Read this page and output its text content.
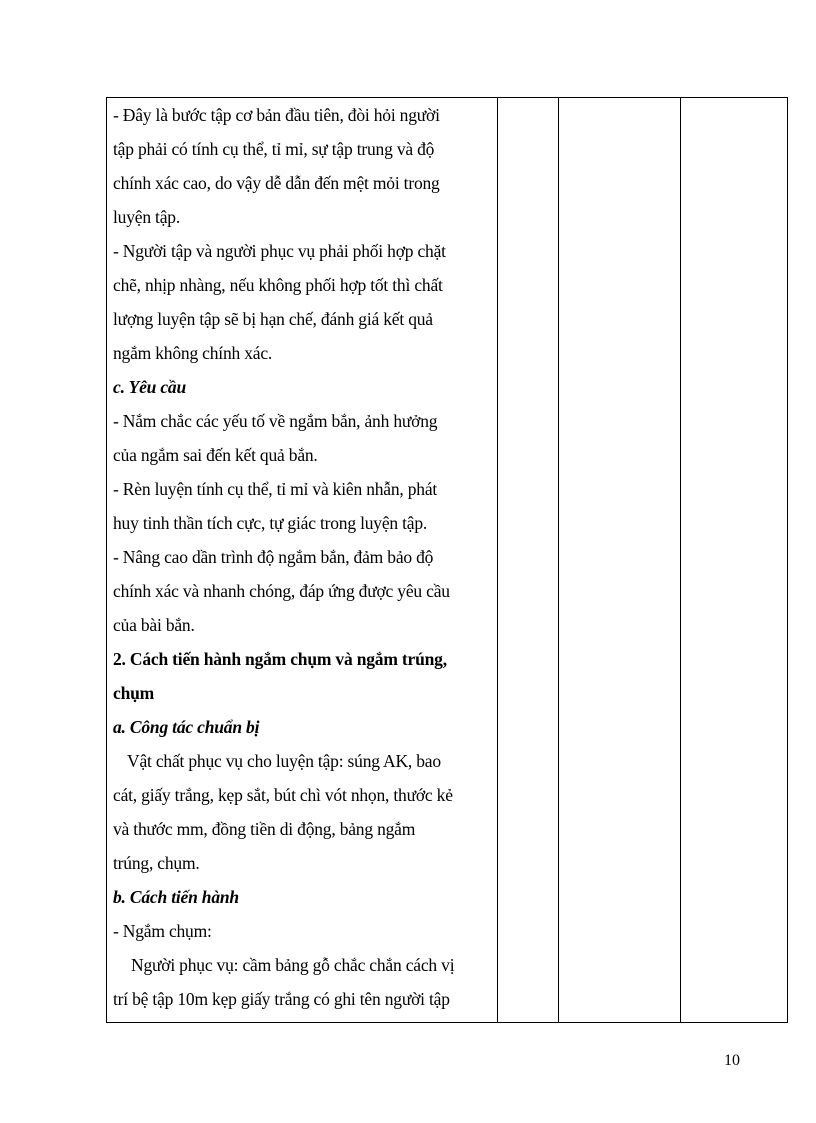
- Đây là bước tập cơ bản đầu tiên, đòi hỏi người
tập phải có tính cụ thể, tỉ mỉ, sự tập trung và độ
chính xác cao, do vậy dễ dẫn đến mệt mỏi trong
luyện tập.
- Người tập và người phục vụ phải phối hợp chặt
chẽ, nhịp nhàng, nếu không phối hợp tốt thì chất
lượng luyện tập sẽ bị hạn chế, đánh giá kết quả
ngắm không chính xác.
c. Yêu cầu
- Nắm chắc các yếu tố về ngắm bắn, ảnh hưởng
của ngắm sai đến kết quả bắn.
- Rèn luyện tính cụ thể, tỉ mỉ và kiên nhẫn, phát
huy tinh thần tích cực, tự giác trong luyện tập.
- Nâng cao dần trình độ ngắm bắn, đảm bảo độ
chính xác và nhanh chóng, đáp ứng được yêu cầu
của bài bắn.
2. Cách tiến hành ngắm chụm và ngắm trúng,
chụm
a. Công tác chuẩn bị
Vật chất phục vụ cho luyện tập: súng AK, bao
cát, giấy trắng, kẹp sắt, bút chì vót nhọn, thước kẻ
và thước mm, đồng tiền di động, bảng ngắm
trúng, chụm.
b. Cách tiến hành
- Ngắm chụm:
Người phục vụ: cầm bảng gỗ chắc chắn cách vị
trí bệ tập 10m kẹp giấy trắng có ghi tên người tập

10
